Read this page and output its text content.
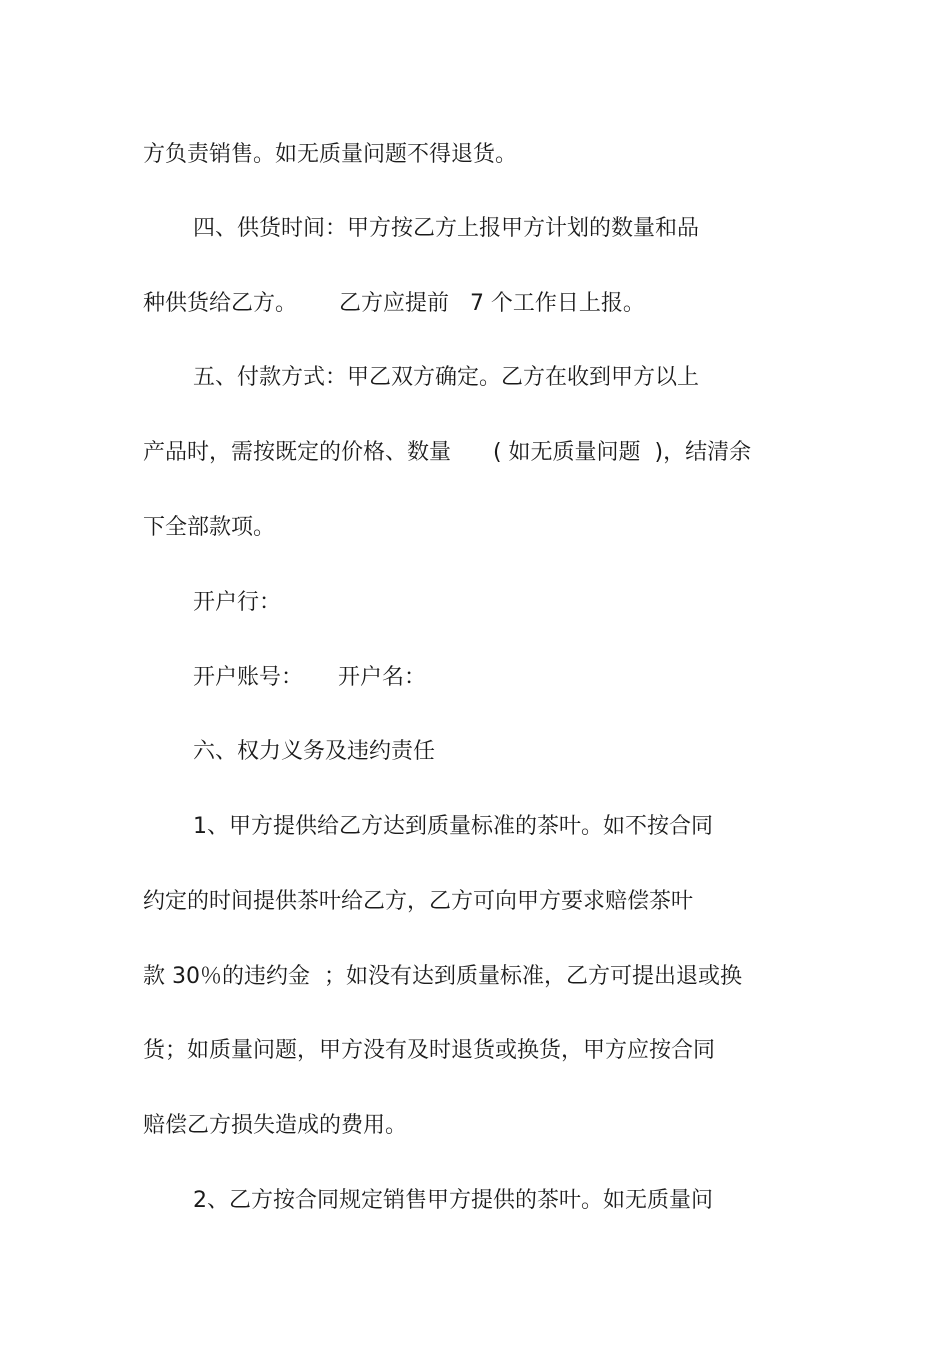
方负责销售。如无质量问题不得退货。
四、供货时间：甲方按乙方上报甲方计划的数量和品
种供货给乙方。      乙方应提前   7 个工作日上报。
五、付款方式：甲乙双方确定。乙方在收到甲方以上
产品时，需按既定的价格、数量      ( 如无质量问题  )，结清余
下全部款项。
开户行：
开户账号：     开户名：
六、权力义务及违约责任
1、甲方提供给乙方达到质量标准的茶叶。如不按合同
约定的时间提供茶叶给乙方，乙方可向甲方要求赔偿茶叶
款 30％的违约金  ；如没有达到质量标准，乙方可提出退或换
货；如质量问题，甲方没有及时退货或换货，甲方应按合同
赔偿乙方损失造成的费用。
2、乙方按合同规定销售甲方提供的茶叶。如无质量问
